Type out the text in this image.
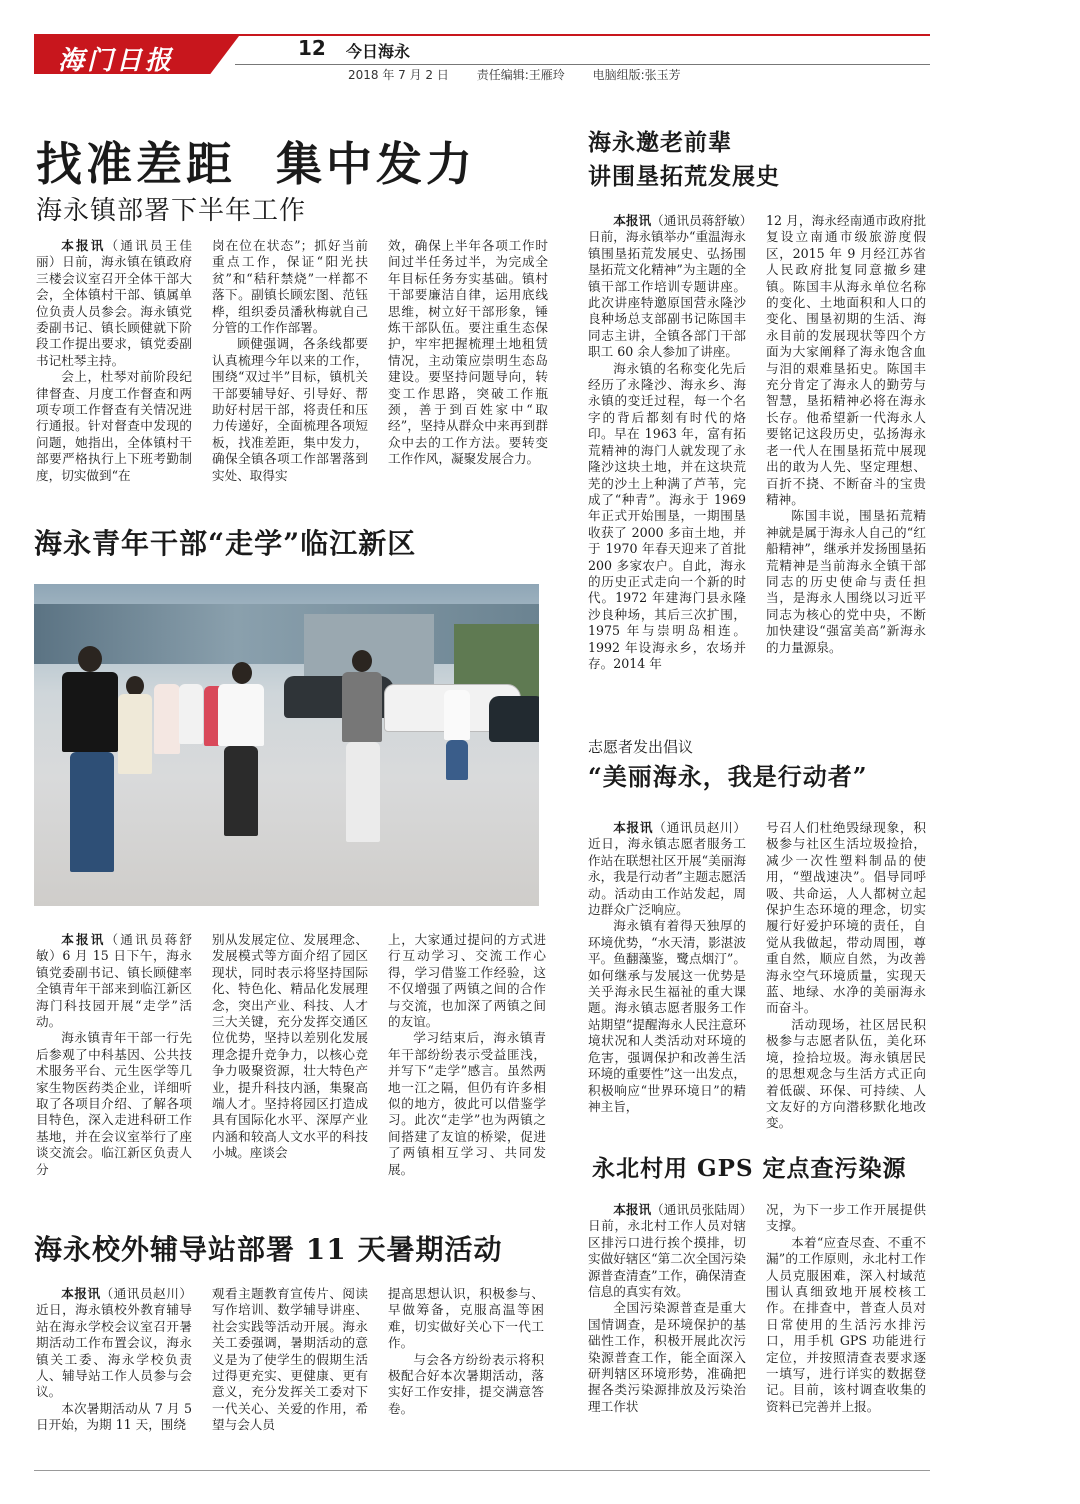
海门日报	12 今日海永
2018 年 7 月 2 日 责任编辑:王雁玲 电脑组版:张玉芳
找准差距  集中发力
海永镇部署下半年工作

本报讯（通讯员王佳丽）日前，海永镇在镇政府三楼会议室召开全体干部大会，全体镇村干部、镇属单位负责人员参会。海永镇党委副书记、镇长顾健就下阶段工作提出要求，镇党委副书记杜琴主持。

会上，杜琴对前阶段纪律督查、月度工作督查和两项专项工作督查有关情况进行通报。针对督查中发现的问题，她指出，全体镇村干部要严格执行上下班考勤制度，切实做到“在

岗在位在状态”；抓好当前重点工作，保证“阳光扶贫”和“秸秆禁烧”一样都不落下。副镇长顾宏图、范钰桦，组织委员潘秋梅就自己分管的工作作部署。

顾健强调，各条线都要认真梳理今年以来的工作，围绕“双过半”目标，镇机关干部要辅导好、引导好、帮助好村居干部，将责任和压力传递好，全面梳理各项短板，找准差距，集中发力，确保全镇各项工作部署落到实处、取得实

效，确保上半年各项工作时间过半任务过半，为完成全年目标任务夯实基础。镇村干部要廉洁自律，运用底线思维，树立好干部形象，锤炼干部队伍。要注重生态保护，牢牢把握梳理土地租赁情况，主动策应崇明生态岛建设。要坚持问题导向，转变工作思路，突破工作瓶颈，善于到百姓家中“取经”，坚持从群众中来再到群众中去的工作方法。要转变工作作风，凝聚发展合力。

海永青年干部“走学”临江新区

本报讯（通讯员蒋舒敏）6 月 15 日下午，海永镇党委副书记、镇长顾健率全镇青年干部来到临江新区海门科技园开展“走学”活动。

海永镇青年干部一行先后参观了中科基因、公共技术服务平台、元生医学等几家生物医药类企业，详细听取了各项目介绍、了解各项目特色，深入走进科研工作基地，并在会议室举行了座谈交流会。临江新区负责人分

别从发展定位、发展理念、发展模式等方面介绍了园区现状，同时表示将坚持国际化、特色化、精品化发展理念，突出产业、科技、人才三大关键，充分发挥交通区位优势，坚持以差别化发展理念提升竞争力，以核心竞争力吸聚资源，壮大特色产业，提升科技内涵，集聚高端人才。坚持将园区打造成具有国际化水平、深厚产业内涵和较高人文水平的科技小城。座谈会

上，大家通过提问的方式进行互动学习、交流工作心得，学习借鉴工作经验，这不仅增强了两镇之间的合作与交流，也加深了两镇之间的友谊。

学习结束后，海永镇青年干部纷纷表示受益匪浅，并写下“走学”感言。虽然两地一江之隔，但仍有许多相似的地方，彼此可以借鉴学习。此次“走学”也为两镇之间搭建了友谊的桥梁，促进了两镇相互学习、共同发展。

海永校外辅导站部署 11 天暑期活动

本报讯（通讯员赵川）近日，海永镇校外教育辅导站在海永学校会议室召开暑期活动工作布置会议，海永镇关工委、海永学校负责人、辅导站工作人员参与会议。

本次暑期活动从 7 月 5 日开始，为期 11 天，围绕

观看主题教育宣传片、阅读写作培训、数学辅导讲座、社会实践等活动开展。海永关工委强调，暑期活动的意义是为了使学生的假期生活过得更充实、更健康、更有意义，充分发挥关工委对下一代关心、关爱的作用，希望与会人员

提高思想认识，积极参与、早做筹备，克服高温等困难，切实做好关心下一代工作。

与会各方纷纷表示将积极配合好本次暑期活动，落实好工作安排，提交满意答卷。

海永邀老前辈
讲围垦拓荒发展史

本报讯（通讯员蒋舒敏）日前，海永镇举办“重温海永镇围垦拓荒发展史、弘扬围垦拓荒文化精神”为主题的全镇干部工作培训专题讲座。此次讲座特邀原国营永隆沙良种场总支部副书记陈国丰同志主讲，全镇各部门干部职工 60 余人参加了讲座。

海永镇的名称变化先后经历了永隆沙、海永乡、海永镇的变迁过程，每一个名字的背后都刻有时代的烙印。早在 1963 年，富有拓荒精神的海门人就发现了永隆沙这块土地，并在这块荒芜的沙土上种满了芦苇，完成了“种青”。海永于 1969 年正式开始围垦，一期围垦收获了 2000 多亩土地，并于 1970 年春天迎来了首批 200 多家农户。自此，海永的历史正式走向一个新的时代。1972 年建海门县永隆沙良种场，其后三次扩围，1975 年与崇明岛相连。1992 年设海永乡，农场并存。2014 年

12 月，海永经南通市政府批复设立南通市级旅游度假区，2015 年 9 月经江苏省人民政府批复同意撤乡建镇。陈国丰从海永单位名称的变化、土地面积和人口的变化、围垦初期的生活、海永目前的发展现状等四个方面为大家阐释了海永饱含血与泪的艰难垦拓史。陈国丰充分肯定了海永人的勤劳与智慧，垦拓精神必将在海永长存。他希望新一代海永人要铭记这段历史，弘扬海永老一代人在围垦拓荒中展现出的敢为人先、坚定理想、百折不挠、不断奋斗的宝贵精神。

陈国丰说，围垦拓荒精神就是属于海永人自己的“红船精神”，继承并发扬围垦拓荒精神是当前海永全镇干部同志的历史使命与责任担当，是海永人围绕以习近平同志为核心的党中央，不断加快建设“强富美高”新海永的力量源泉。

志愿者发出倡议
“美丽海永，我是行动者”

本报讯（通讯员赵川）近日，海永镇志愿者服务工作站在联想社区开展“美丽海永，我是行动者”主题志愿活动。活动由工作站发起，周边群众广泛响应。

海永镇有着得天独厚的环境优势，“水天清，影湛波平。鱼翻藻鉴，鹭点烟汀”。如何继承与发展这一优势是关乎海永民生福祉的重大课题。海永镇志愿者服务工作站期望“提醒海永人民注意环境状况和人类活动对环境的危害，强调保护和改善生活环境的重要性”这一出发点，积极响应“世界环境日”的精神主旨，

号召人们杜绝毁绿现象，积极参与社区生活垃圾捡拾，减少一次性塑料制品的使用，“塑战速决”。倡导同呼吸、共命运，人人都树立起保护生态环境的理念，切实履行好爱护环境的责任，自觉从我做起，带动周围，尊重自然，顺应自然，为改善海永空气环境质量，实现天蓝、地绿、水净的美丽海永而奋斗。

活动现场，社区居民积极参与志愿者队伍，美化环境，捡拾垃圾。海永镇居民的思想观念与生活方式正向着低碳、环保、可持续、人文友好的方向潜移默化地改变。

永北村用 GPS 定点查污染源

本报讯（通讯员张陆周）日前，永北村工作人员对辖区排污口进行挨个摸排，切实做好辖区“第二次全国污染源普查清查”工作，确保清查信息的真实有效。

全国污染源普查是重大国情调查，是环境保护的基础性工作，积极开展此次污染源普查工作，能全面深入研判辖区环境形势，准确把握各类污染源排放及污染治理工作状

况，为下一步工作开展提供支撑。

本着“应查尽查、不重不漏”的工作原则，永北村工作人员克服困难，深入村域范围认真细致地开展校核工作。在排查中，普查人员对日常使用的生活污水排污口，用手机 GPS 功能进行定位，并按照清查表要求逐一填写，进行详实的数据登记。目前，该村调查收集的资料已完善并上报。
